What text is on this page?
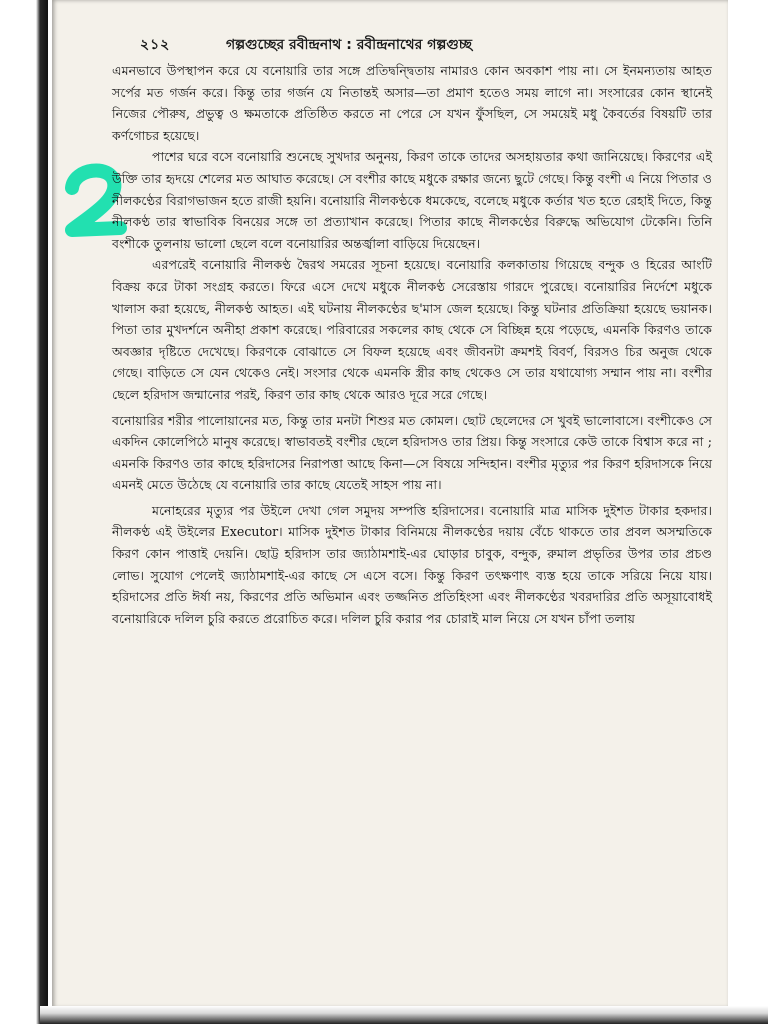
২১২	গল্পগুচ্ছের রবীন্দ্রনাথ : রবীন্দ্রনাথের গল্পগুচ্ছ

এমনভাবে উপস্থাপন করে যে বনোয়ারি তার সঙ্গে প্রতিদ্বন্দ্বিতায় নামারও কোন অবকাশ পায় না। সে ইনমন্যতায় আহত সর্পের মত গর্জন করে। কিন্তু তার গর্জন যে নিতান্তই অসার—তা প্রমাণ হতেও সময় লাগে না। সংসারের কোন স্থানেই নিজের পৌরুষ, প্রভুত্ব ও ক্ষমতাকে প্রতিষ্ঠিত করতে না পেরে সে যখন ফুঁসছিল, সে সময়েই মধু কৈবর্তের বিষয়টি তার কর্ণগোচর হয়েছে।

পাশের ঘরে বসে বনোয়ারি শুনেছে সুখদার অনুনয়, কিরণ তাকে তাদের অসহায়তার কথা জানিয়েছে। কিরণের এই উক্তি তার হৃদয়ে শেলের মত আঘাত করেছে। সে বংশীর কাছে মধুকে রক্ষার জন্যে ছুটে গেছে। কিন্তু বংশী এ নিয়ে পিতার ও নীলকণ্ঠের বিরাগভাজন হতে রাজী হয়নি। বনোয়ারি নীলকণ্ঠকে ধমকেছে, বলেছে মধুকে কর্তার খত হতে রেহাই দিতে, কিন্তু নীলকণ্ঠ তার স্বাভাবিক বিনয়ের সঙ্গে তা প্রত্যাখান করেছে। পিতার কাছে নীলকণ্ঠের বিরুদ্ধে অভিযোগ টেকেনি। তিনি বংশীকে তুলনায় ভালো ছেলে বলে বনোয়ারির অন্তর্জ্বালা বাড়িয়ে দিয়েছেন।

এরপরেই বনোয়ারি নীলকণ্ঠ দ্বৈরথ সমরের সূচনা হয়েছে। বনোয়ারি কলকাতায় গিয়েছে বন্দুক ও হিরের আংটি বিক্রয় করে টাকা সংগ্রহ করতে। ফিরে এসে দেখে মধুকে নীলকণ্ঠ সেরেস্তায় গারদে পুরেছে। বনোয়ারির নির্দেশে মধুকে খালাস করা হয়েছে, নীলকণ্ঠ আহত। এই ঘটনায় নীলকণ্ঠের ছ'মাস জেল হয়েছে। কিন্তু ঘটনার প্রতিক্রিয়া হয়েছে ভয়ানক। পিতা তার মুখদর্শনে অনীহা প্রকাশ করেছে। পরিবারের সকলের কাছ থেকে সে বিচ্ছিন্ন হয়ে পড়েছে, এমনকি কিরণও তাকে অবজ্ঞার দৃষ্টিতে দেখেছে। কিরণকে বোঝাতে সে বিফল হয়েছে এবং জীবনটা ক্রমশই বিবর্ণ, বিরসও চির অনুজ থেকে গেছে। বাড়িতে সে যেন থেকেও নেই। সংসার থেকে এমনকি স্ত্রীর কাছ থেকেও সে তার যথাযোগ্য সম্মান পায় না। বংশীর ছেলে হরিদাস জন্মানোর পরই, কিরণ তার কাছ থেকে আরও দূরে সরে গেছে।

বনোয়ারির শরীর পালোয়ানের মত, কিন্তু তার মনটা শিশুর মত কোমল। ছোট ছেলেদের সে খুবই ভালোবাসে। বংশীকেও সে একদিন কোলেপিঠে মানুষ করেছে। স্বাভাবতই বংশীর ছেলে হরিদাসও তার প্রিয়। কিন্তু সংসারে কেউ তাকে বিশ্বাস করে না ; এমনকি কিরণও তার কাছে হরিদাসের নিরাপত্তা আছে কিনা—সে বিষয়ে সন্দিহান। বংশীর মৃত্যুর পর কিরণ হরিদাসকে নিয়ে এমনই মেতে উঠেছে যে বনোয়ারি তার কাছে যেতেই সাহস পায় না।

মনোহরের মৃত্যুর পর উইলে দেখা গেল সমুদয় সম্পত্তি হরিদাসের। বনোয়ারি মাত্র মাসিক দুইশত টাকার হকদার। নীলকণ্ঠ এই উইলের Executor। মাসিক দুইশত টাকার বিনিময়ে নীলকণ্ঠের দয়ায় বেঁচে থাকতে তার প্রবল অসম্মতিকে কিরণ কোন পাত্তাই দেয়নি। ছোট্ট হরিদাস তার জ্যাঠামশাই-এর ঘোড়ার চাবুক, বন্দুক, রুমাল প্রভৃতির উপর তার প্রচণ্ড লোভ। সুযোগ পেলেই জ্যাঠামশাই-এর কাছে সে এসে বসে। কিন্তু কিরণ তৎক্ষণাৎ ব্যস্ত হয়ে তাকে সরিয়ে নিয়ে যায়। হরিদাসের প্রতি ঈর্ষা নয়, কিরণের প্রতি অভিমান এবং তজ্জনিত প্রতিহিংসা এবং নীলকণ্ঠের খবরদারির প্রতি অসূয়াবোধই বনোয়ারিকে দলিল চুরি করতে প্ররোচিত করে। দলিল চুরি করার পর চোরাই মাল নিয়ে সে যখন চাঁপা তলায়
